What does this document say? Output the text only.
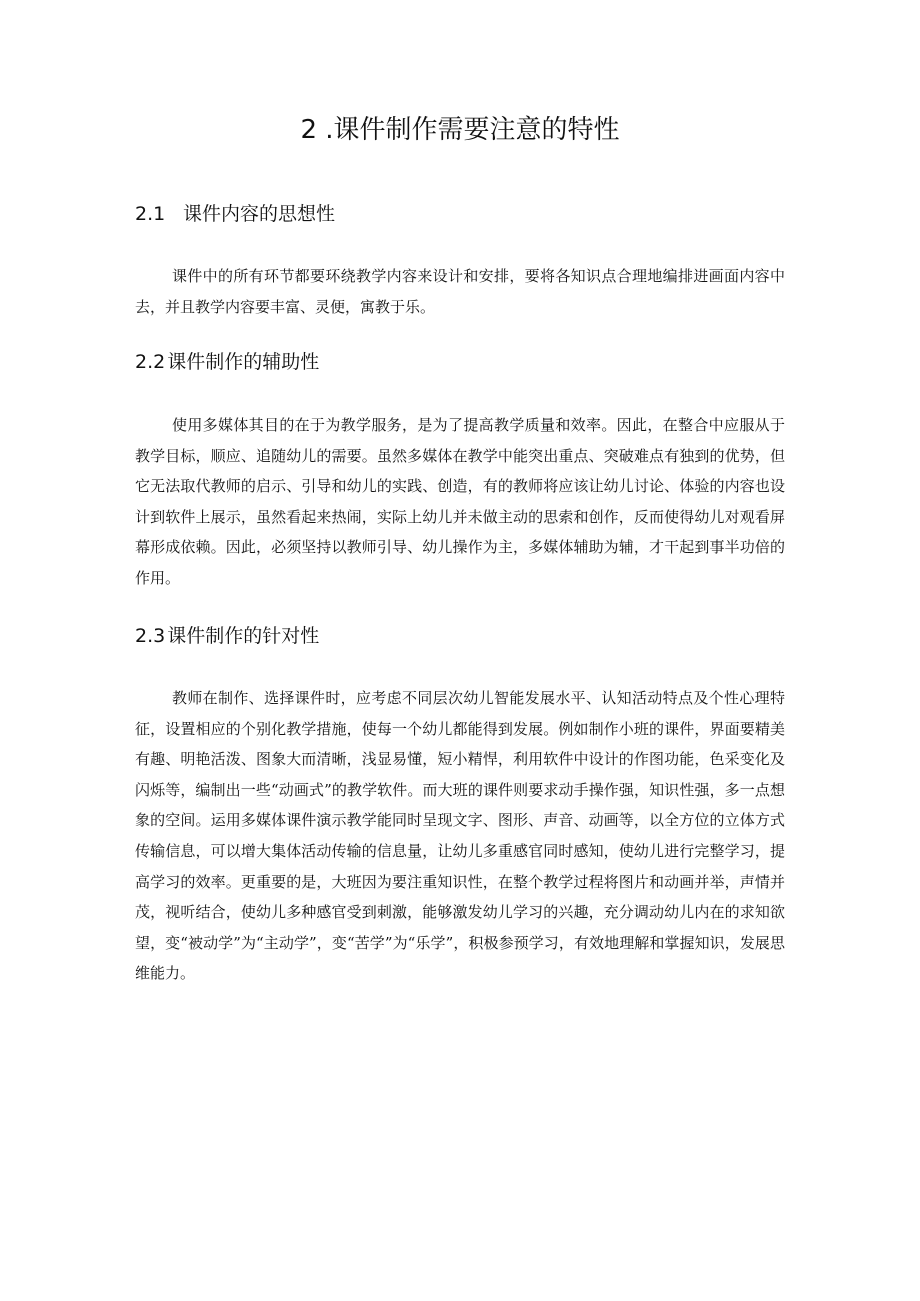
2 .课件制作需要注意的特性
2.1 课件内容的思想性

课件中的所有环节都要环绕教学内容来设计和安排，要将各知识点合理地编排进画面内容中去，并且教学内容要丰富、灵便，寓教于乐。

2.2 课件制作的辅助性

使用多媒体其目的在于为教学服务，是为了提高教学质量和效率。因此，在整合中应服从于教学目标，顺应、追随幼儿的需要。虽然多媒体在教学中能突出重点、突破难点有独到的优势，但它无法取代教师的启示、引导和幼儿的实践、创造，有的教师将应该让幼儿讨论、体验的内容也设计到软件上展示，虽然看起来热闹，实际上幼儿并未做主动的思索和创作，反而使得幼儿对观看屏幕形成依赖。因此，必须坚持以教师引导、幼儿操作为主，多媒体辅助为辅，才干起到事半功倍的作用。

2.3 课件制作的针对性

教师在制作、选择课件时，应考虑不同层次幼儿智能发展水平、认知活动特点及个性心理特征，设置相应的个别化教学措施，使每一个幼儿都能得到发展。例如制作小班的课件，界面要精美有趣、明艳活泼、图象大而清晰，浅显易懂，短小精悍，利用软件中设计的作图功能，色采变化及闪烁等，编制出一些“动画式”的教学软件。而大班的课件则要求动手操作强，知识性强，多一点想象的空间。运用多媒体课件演示教学能同时呈现文字、图形、声音、动画等，以全方位的立体方式传输信息，可以增大集体活动传输的信息量，让幼儿多重感官同时感知，使幼儿进行完整学习，提高学习的效率。更重要的是，大班因为要注重知识性，在整个教学过程将图片和动画并举，声情并茂，视听结合，使幼儿多种感官受到刺激，能够激发幼儿学习的兴趣，充分调动幼儿内在的求知欲望，变“被动学”为“主动学”，变“苦学”为“乐学”，积极参预学习，有效地理解和掌握知识，发展思维能力。
